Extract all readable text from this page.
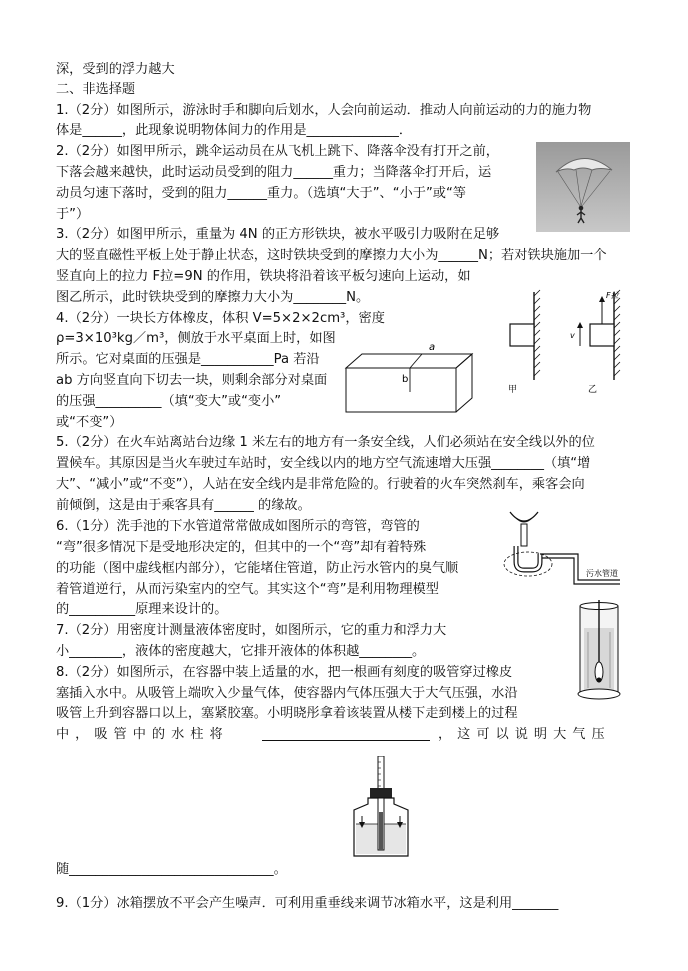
深，受到的浮力越大
二、非选择题
1.（2分）如图所示，游泳时手和脚向后划水，人会向前运动．推动人向前运动的力的施力物
体是______，此现象说明物体间力的作用是______________．
2.（2分）如图甲所示，跳伞运动员在从飞机上跳下、降落伞没有打开之前，
下落会越来越快，此时运动员受到的阻力______重力；当降落伞打开后，运
动员匀速下落时，受到的阻力______重力。（选填“大于”、“小于”或“等
于”）
3.（2分）如图甲所示，重量为 4N 的正方形铁块，被水平吸引力吸附在足够
大的竖直磁性平板上处于静止状态，这时铁块受到的摩擦力大小为______N；若对铁块施加一个
竖直向上的拉力 F拉=9N 的作用，铁块将沿着该平板匀速向上运动，如
图乙所示，此时铁块受到的摩擦力大小为________N。
4.（2分）一块长方体橡皮，体积 V=5×2×2cm³，密度
ρ=3×10³kg／m³，侧放于水平桌面上时，如图
所示。它对桌面的压强是___________Pa 若沿
ab 方向竖直向下切去一块，则剩余部分对桌面
的压强__________（填“变大”或“变小”
或“不变”）
5.（2分）在火车站离站台边缘 1 米左右的地方有一条安全线，人们必须站在安全线以外的位
置候车。其原因是当火车驶过车站时，安全线以内的地方空气流速增大压强________（填“增
大”、“减小”或“不变”），人站在安全线内是非常危险的。行驶着的火车突然刹车，乘客会向
前倾倒，这是由于乘客具有______ 的缘故。
6.（1分）洗手池的下水管道常常做成如图所示的弯管，弯管的
“弯”很多情况下是受地形决定的，但其中的一个“弯”却有着特殊
的功能（图中虚线框内部分），它能堵住管道，防止污水管内的臭气顺
着管道逆行，从而污染室内的空气。其实这个“弯”是利用物理模型
的__________原理来设计的。
7.（2分）用密度计测量液体密度时，如图所示，它的重力和浮力大
小________，液体的密度越大，它排开液体的体积越________。
8.（2分）如图所示，在容器中装上适量的水，把一根画有刻度的吸管穿过橡皮
塞插入水中。从吸管上端吹入少量气体，使容器内气体压强大于大气压强，水沿
吸管上升到容器口以上，塞紧胶塞。小明晓彤拿着该装置从楼下走到楼上的过程
中，吸管中的水柱将	，这可以说明大气压
随_______________________________。
9.（1分）冰箱摆放不平会产生噪声．可利用重垂线来调节冰箱水平，这是利用_______
甲
F拉
v
乙
a
b
污水管道
